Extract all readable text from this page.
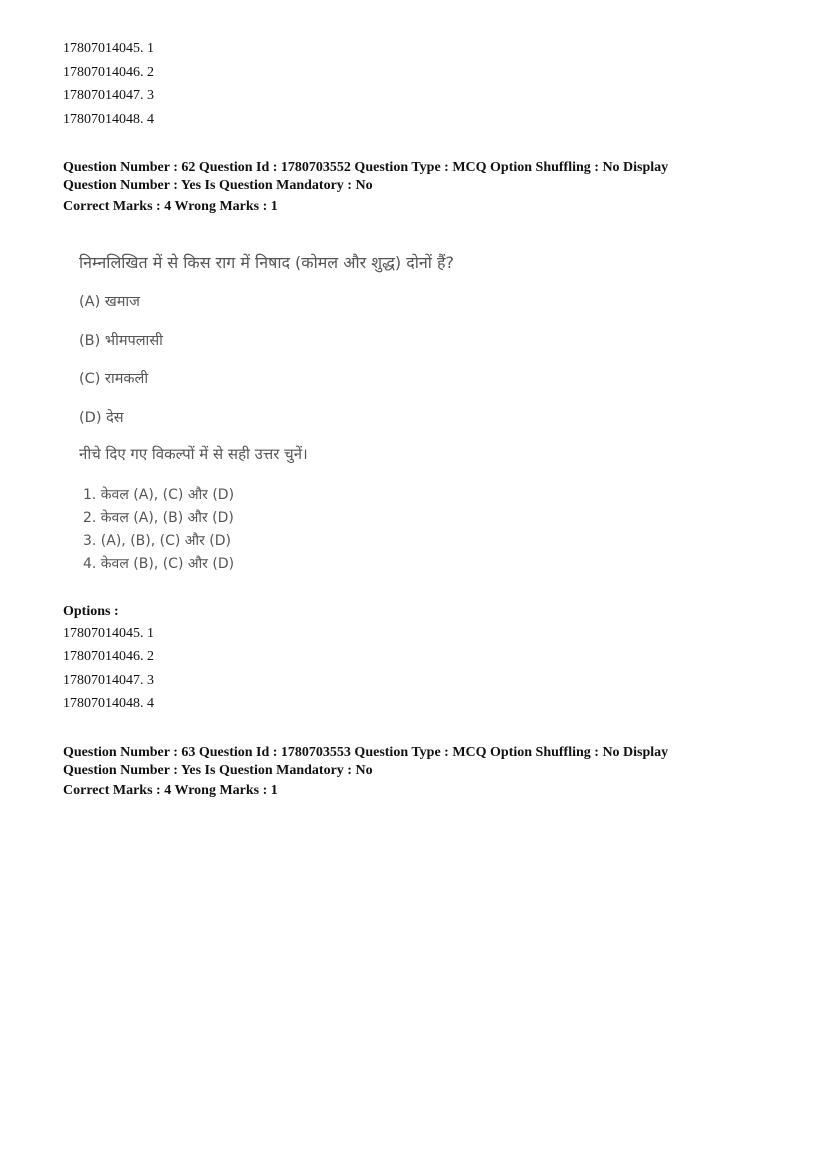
17807014045. 1
17807014046. 2
17807014047. 3
17807014048. 4
Question Number : 62 Question Id : 1780703552 Question Type : MCQ Option Shuffling : No Display
Question Number : Yes Is Question Mandatory : No
Correct Marks : 4 Wrong Marks : 1
निम्नलिखित में से किस राग में निषाद (कोमल और शुद्ध) दोनों हैं?
(A) खमाज
(B) भीमपलासी
(C) रामकली
(D) देस
नीचे दिए गए विकल्पों में से सही उत्तर चुनें।
1. केवल (A), (C) और (D)
2. केवल (A), (B) और (D)
3. (A), (B), (C) और (D)
4. केवल (B), (C) और (D)
Options :
17807014045. 1
17807014046. 2
17807014047. 3
17807014048. 4
Question Number : 63 Question Id : 1780703553 Question Type : MCQ Option Shuffling : No Display
Question Number : Yes Is Question Mandatory : No
Correct Marks : 4 Wrong Marks : 1
